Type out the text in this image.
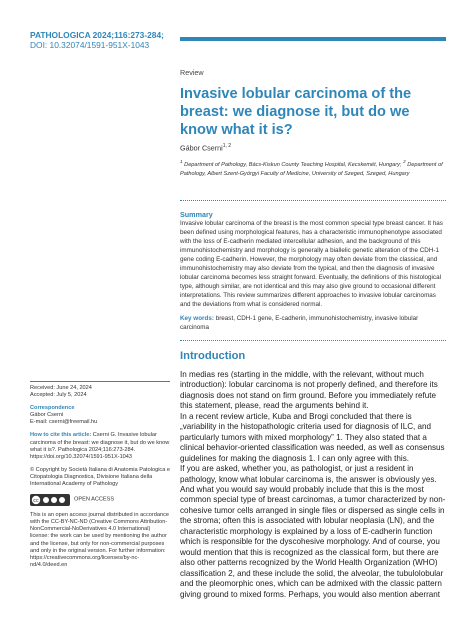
PATHOLOGICA 2024;116:273-284;
DOI: 10.32074/1591-951X-1043
Review
Invasive lobular carcinoma of the breast: we diagnose it, but do we know what it is?
Gábor Cserni$^{1, 2}$
$^1$ Department of Pathology, Bács-Kiskun County Teaching Hospital, Kecskemét, Hungary; $^2$ Department of Pathology, Albert Szent-Györgyi Faculty of Medicine, University of Szeged, Szeged, Hungary
Summary

Invasive lobular carcinoma of the breast is the most common special type breast cancer. It has been defined using morphological features, has a characteristic immunophenotype associated with the loss of E-cadherin mediated intercellular adhesion, and the background of this immunohistochemistry and morphology is generally a biallelic genetic alteration of the CDH-1 gene coding E-cadherin. However, the morphology may often deviate from the classical, and immunohistochemistry may also deviate from the typical, and then the diagnosis of invasive lobular carcinoma becomes less straight forward. Eventually, the definitions of this histological type, although similar, are not identical and this may also give ground to occasional different interpretations. This review summarizes different approaches to invasive lobular carcinomas and the deviations from what is considered normal.

Key words: breast, CDH-1 gene, E-cadherin, immunohistochemistry, invasive lobular carcinoma
Introduction

In medias res (starting in the middle, with the relevant, without much introduction): lobular carcinoma is not properly defined, and therefore its diagnosis does not stand on firm ground. Before you immediately refute this statement, please, read the arguments behind it.

In a recent review article, Kuba and Brogi concluded that there is „variability in the histopathologic criteria used for diagnosis of ILC, and particularly tumors with mixed morphology” 1. They also stated that a clinical behavior-oriented classification was needed, as well as consensus guidelines for making the diagnosis 1. I can only agree with this.

If you are asked, whether you, as pathologist, or just a resident in pathology, know what lobular carcinoma is, the answer is obviously yes. And what you would say would probably include that this is the most common special type of breast carcinomas, a tumor characterized by non-cohesive tumor cells arranged in single files or dispersed as single cells in the stroma; often this is associated with lobular neoplasia (LN), and the characteristic morphology is explained by a loss of E-cadherin function which is responsible for the dyscohesive morphology. And of course, you would mention that this is recognized as the classical form, but there are also other patterns recognized by the World Health Organization (WHO) classification 2, and these include the solid, the alveolar, the tubulolobular and the pleomorphic ones, which can be admixed with the classic pattern giving ground to mixed forms. Perhaps, you would also mention aberrant

Received: June 24, 2024
Accepted: July 5, 2024
Correspondence
Gábor Cserni
E-mail: cserni@freemail.hu
How to cite this article: Cserni G. Invasive lobular carcinoma of the breast: we diagnose it, but do we know what it is?. Pathologica 2024;116:273-284. https://doi.org/10.32074/1591-951X-1043
© Copyright by Società Italiana di Anatomia Patologica e Citopatologia Diagnostica, Divisione Italiana della International Academy of Pathology
cc	OPEN ACCESS
This is an open access journal distributed in accordance with the CC-BY-NC-ND (Creative Commons Attribution-NonCommercial-NoDerivatives 4.0 International) license: the work can be used by mentioning the author and the license, but only for non-commercial purposes and only in the original version. For further information: https://creativecommons.org/licenses/by-nc-nd/4.0/deed.en
